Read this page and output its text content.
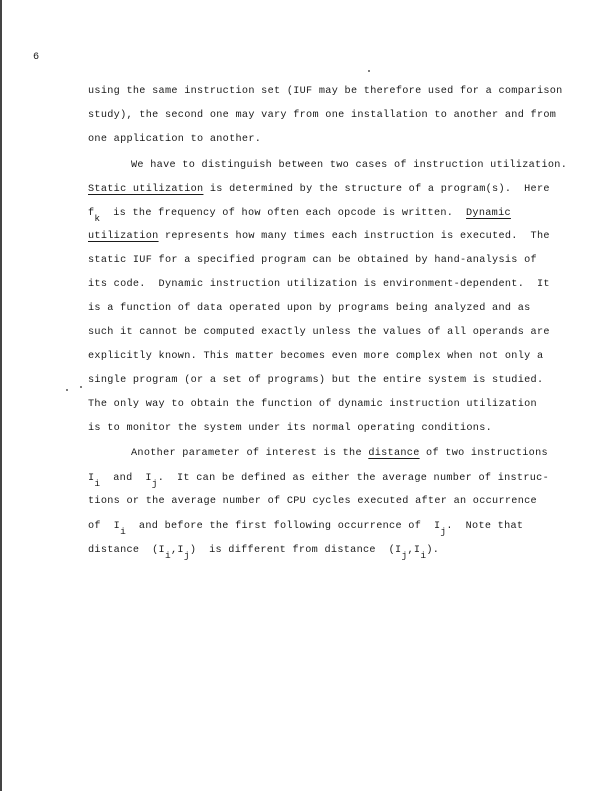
6
using the same instruction set (IUF may be therefore used for a comparison
study), the second one may vary from one installation to another and from
one application to another.
We have to distinguish between two cases of instruction utilization.
Static utilization is determined by the structure of a program(s).  Here
fk  is the frequency of how often each opcode is written.  Dynamic
utilization represents how many times each instruction is executed.  The
static IUF for a specified program can be obtained by hand-analysis of
its code.  Dynamic instruction utilization is environment-dependent.  It
is a function of data operated upon by programs being analyzed and as
such it cannot be computed exactly unless the values of all operands are
explicitly known. This matter becomes even more complex when not only a
single program (or a set of programs) but the entire system is studied.
The only way to obtain the function of dynamic instruction utilization
is to monitor the system under its normal operating conditions.
Another parameter of interest is the distance of two instructions
Ii  and  Ij.  It can be defined as either the average number of instruc-
tions or the average number of CPU cycles executed after an occurrence
of  Ii  and before the first following occurrence of  Ij.  Note that
distance  (Ii,Ij)  is different from distance  (Ij,Ii).
